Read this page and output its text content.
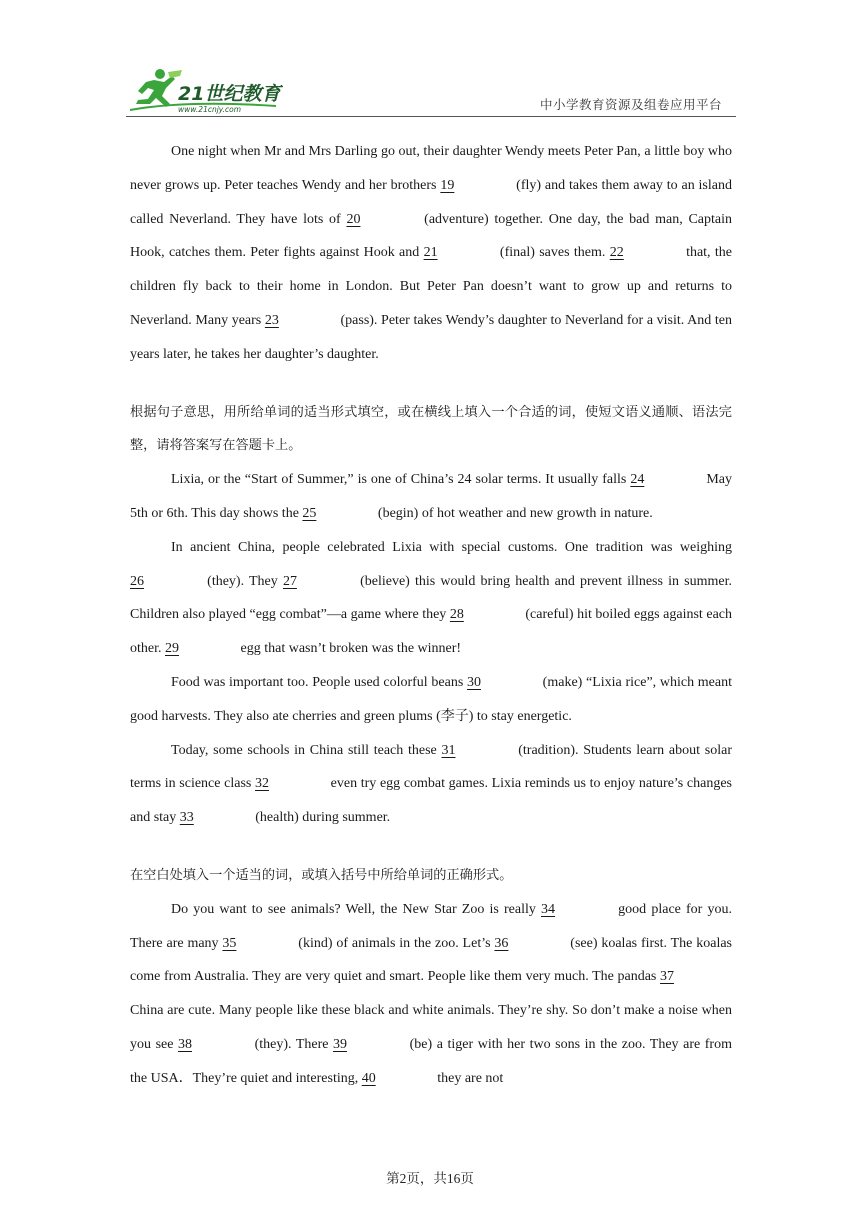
21世纪教育
www.21cnjy.com	中小学教育资源及组卷应用平台

One night when Mr and Mrs Darling go out, their daughter Wendy meets Peter Pan, a little boy who never grows up. Peter teaches Wendy and her brothers 19	(fly) and takes them away to an island called Neverland. They have lots of 20	(adventure) together. One day, the bad man, Captain Hook, catches them. Peter fights against Hook and 21	(final) saves them. 22	that, the children fly back to their home in London. But Peter Pan doesn’t want to grow up and returns to Neverland. Many years 23	(pass). Peter takes Wendy’s daughter to Neverland for a visit. And ten years later, he takes her daughter’s daughter.

根据句子意思，用所给单词的适当形式填空，或在横线上填入一个合适的词，使短文语义通顺、语法完整，请将答案写在答题卡上。

Lixia, or the “Start of Summer,” is one of China’s 24 solar terms. It usually falls 24	May 5th or 6th. This day shows the 25	(begin) of hot weather and new growth in nature.

In ancient China, people celebrated Lixia with special customs. One tradition was weighing 26	(they). They 27	(believe) this would bring health and prevent illness in summer. Children also played “egg combat”—a game where they 28	(careful) hit boiled eggs against each other. 29	egg that wasn’t broken was the winner!

Food was important too. People used colorful beans 30	(make) “Lixia rice”, which meant good harvests. They also ate cherries and green plums (李子) to stay energetic.

Today, some schools in China still teach these 31	(tradition). Students learn about solar terms in science class 32	even try egg combat games. Lixia reminds us to enjoy nature’s changes and stay 33	(health) during summer.

在空白处填入一个适当的词，或填入括号中所给单词的正确形式。

Do you want to see animals? Well, the New Star Zoo is really 34	good place for you. There are many 35	(kind) of animals in the zoo. Let’s 36	(see) koalas first. The koalas come from Australia. They are very quiet and smart. People like them very much. The pandas 37 China are cute. Many people like these black and white animals. They’re shy. So don’t make a noise when you see 38	(they). There 39	(be) a tiger with her two sons in the zoo. They are from the USA．They’re quiet and interesting, 40	they are not

第2页，共16页
